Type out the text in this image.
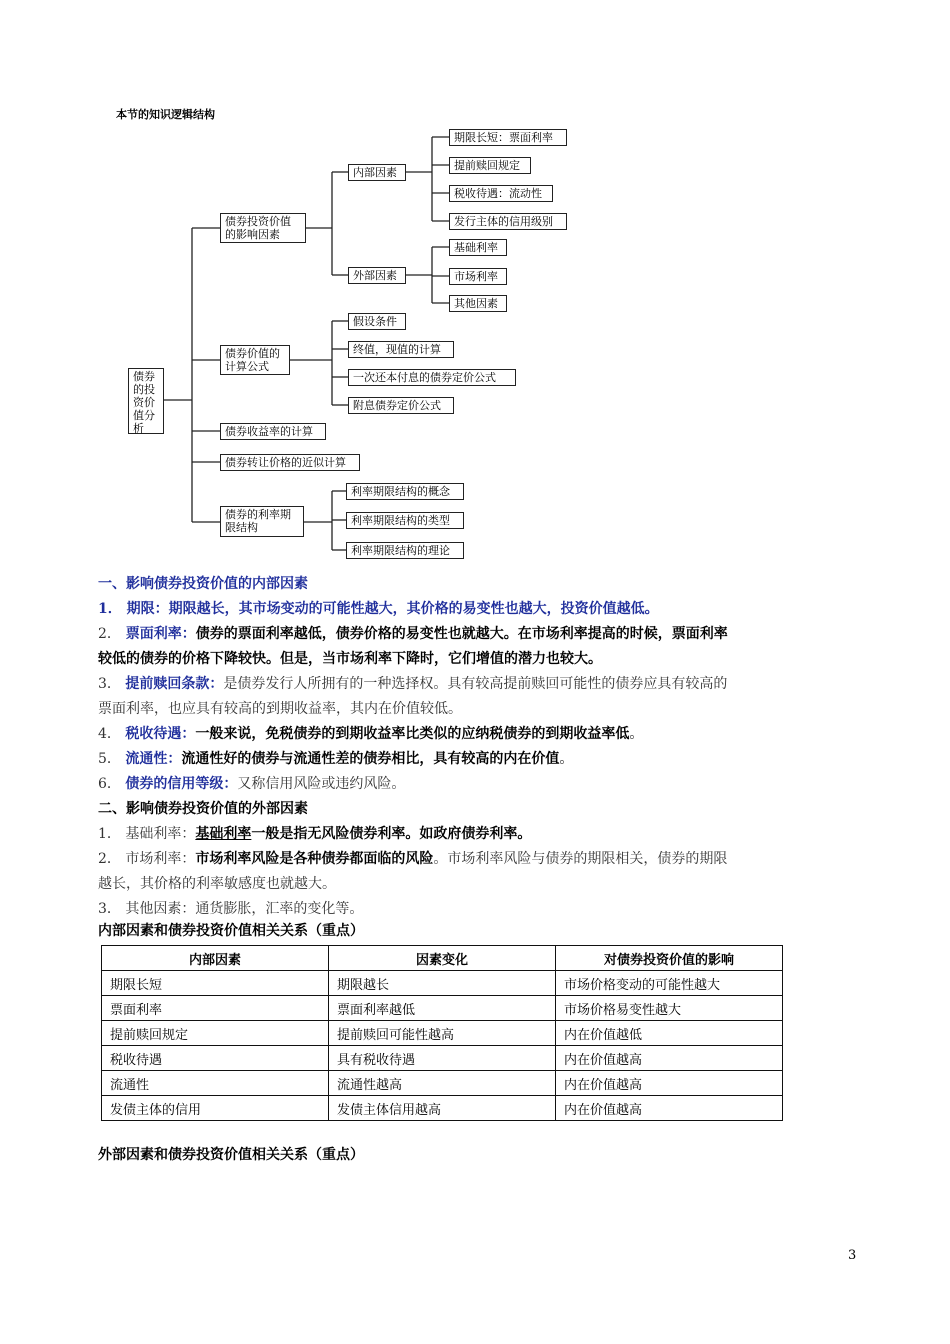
本节的知识逻辑结构
债券的投资价值分析
债券投资价值的影响因素
内部因素
期限长短：票面利率
提前赎回规定
税收待遇：流动性
发行主体的信用级别
外部因素
基础利率
市场利率
其他因素
债券价值的计算公式
假设条件
终值，现值的计算
一次还本付息的债券定价公式
附息债券定价公式
债券收益率的计算
债券转让价格的近似计算
债券的利率期限结构
利率期限结构的概念
利率期限结构的类型
利率期限结构的理论

一、影响债券投资价值的内部因素

1． 期限：期限越长，其市场变动的可能性越大，其价格的易变性也越大，投资价值越低。

2． 票面利率：债券的票面利率越低，债券价格的易变性也就越大。在市场利率提高的时候，票面利率

较低的债券的价格下降较快。但是，当市场利率下降时，它们增值的潜力也较大。

3． 提前赎回条款：是债券发行人所拥有的一种选择权。具有较高提前赎回可能性的债券应具有较高的

票面利率，也应具有较高的到期收益率，其内在价值较低。

4． 税收待遇：一般来说，免税债券的到期收益率比类似的应纳税债券的到期收益率低。

5． 流通性：流通性好的债券与流通性差的债券相比，具有较高的内在价值。

6． 债券的信用等级：又称信用风险或违约风险。

二、影响债券投资价值的外部因素

1． 基础利率：基础利率一般是指无风险债券利率。如政府债券利率。

2． 市场利率：市场利率风险是各种债券都面临的风险。市场利率风险与债券的期限相关，债券的期限

越长，其价格的利率敏感度也就越大。

3． 其他因素：通货膨胀，汇率的变化等。

内部因素和债券投资价值相关关系（重点）
内部因素	因素变化	对债券投资价值的影响
期限长短	期限越长	市场价格变动的可能性越大
票面利率	票面利率越低	市场价格易变性越大
提前赎回规定	提前赎回可能性越高	内在价值越低
税收待遇	具有税收待遇	内在价值越高
流通性	流通性越高	内在价值越高
发债主体的信用	发债主体信用越高	内在价值越高
外部因素和债券投资价值相关关系（重点）
3
